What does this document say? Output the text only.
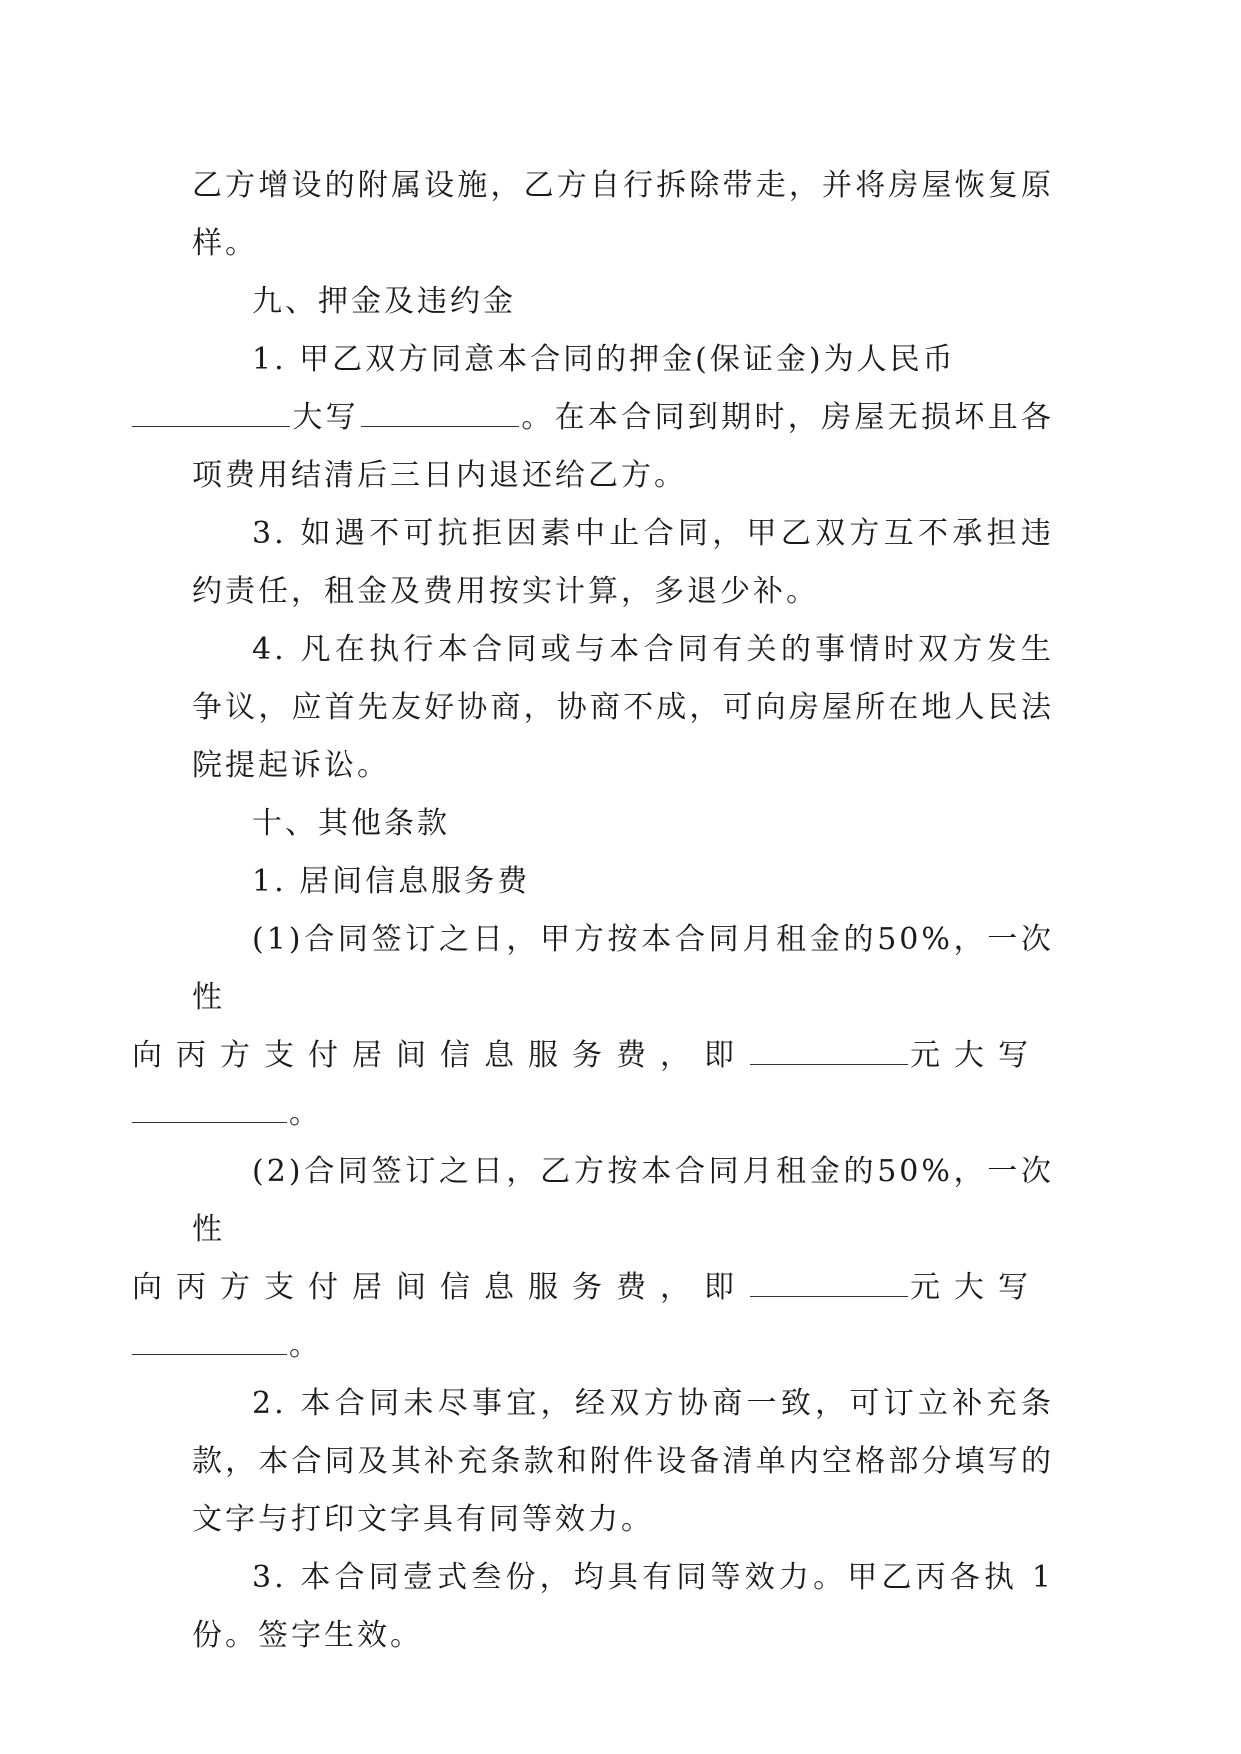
乙方增设的附属设施，乙方自行拆除带走，并将房屋恢复原样。

九、押金及违约金

1. 甲乙双方同意本合同的押金(保证金)为人民币
大写	。在本合同到期时，房屋无损坏且各项费用结清后三日内退还给乙方。

3. 如遇不可抗拒因素中止合同，甲乙双方互不承担违约责任，租金及费用按实计算，多退少补。

4. 凡在执行本合同或与本合同有关的事情时双方发生争议，应首先友好协商，协商不成，可向房屋所在地人民法院提起诉讼。

十、其他条款

1. 居间信息服务费

(1)合同签订之日，甲方按本合同月租金的50%，一次性
向丙方支付居间信息服务费，即	元大写
。

(2)合同签订之日，乙方按本合同月租金的50%，一次性
向丙方支付居间信息服务费，即	元大写
。

2. 本合同未尽事宜，经双方协商一致，可订立补充条款，本合同及其补充条款和附件设备清单内空格部分填写的文字与打印文字具有同等效力。

3. 本合同壹式叁份，均具有同等效力。甲乙丙各执 1 份。签字生效。
